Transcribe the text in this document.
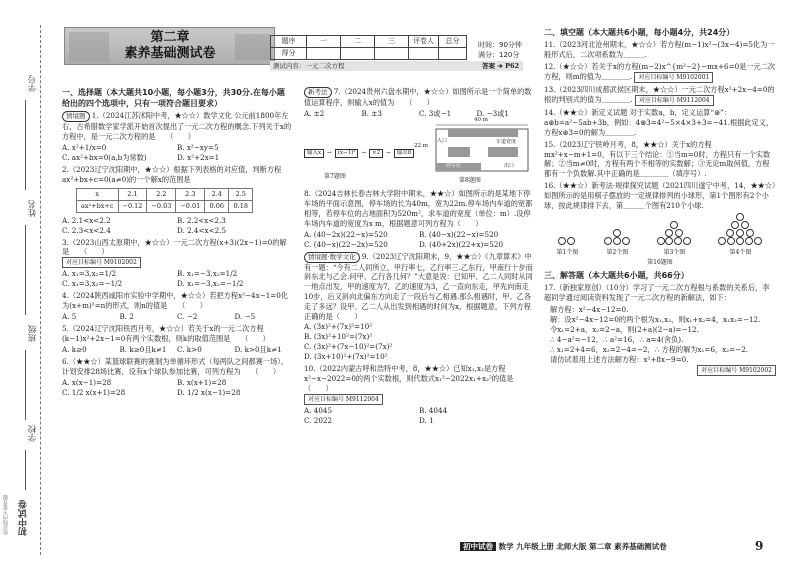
学号
姓名
班级
学校
密封线内不要答题 初中试卷
第二章
素养基础测试卷
题序	一	二	三	评卷人	总分
得分					
时间：90分钟
满分：120分
测试内容：一元二次方程	答案 ➔ P62
一、选择题（本大题共10小题，每小题3分，共30分.在每小题给出的四个选项中，只有一项符合题目要求）
情境题 1.（2024江苏沭阳中考，★☆☆）数学文化 公元前1800年左右，古希腊数学家学派开始首次提出了一元二次方程的概念.下列关于x的方程中，是一元二次方程的是　　（　　）
A. x²+1/x=0	B. x²−xy=5
C. ax²+bx=0(a,b为常数)	D. x²+2x=1
2.（2023辽宁沈阳期中，★☆☆）根据下列表格的对应值，判断方程ax²+bx+c=0(a≠0)的一个解x的范围是
x	2.1	2.2	2.3	2.4	2.5
ax²+bx+c	−0.12	−0.03	−0.01	0.06	0.18
A. 2.1<x<2.2	B. 2.2<x<2.3
C. 2.3<x<2.4	D. 2.4<x<2.5
3.（2023山西太原期中，★☆☆）一元二次方程(x+3)(2x−1)=0的解是　　（　　）
对应目标编号 M9102002
A. x₁=3,x₂=1/2	B. x₁=−3,x₂=1/2
C. x₁=3,x₂=−1/2	D. x₁=−3,x₂=−1/2
4.（2024陕西咸阳市实验中学期中，★☆☆）若把方程x²−4x−1=0化为(x+m)²=n的形式，则n的值是　　（　　）
A. 5	B. 2	C. −2	D. −5
5.（2024辽宁沈阳铁西月考，★☆☆）若关于x的一元二次方程(k−1)x²+2x−1=0有两个实数根，则k的取值范围是　　（　　）
A. k≥0	B. k≥0且k≠1	C. k>0	D. k>0且k≠1
6.（★★☆）某篮球联赛的赛制为单循环形式（每两队之间都赛一场），计划安排28场比赛，设有x个球队参加比赛，可列方程为　　（　　）
A. x(x−1)=28	B. x(x+1)=28
C. 1/2 x(x+1)=28	D. 1/2 x(x−1)=28
新考法 7.（2024贵州六盘水期中，★☆☆）如图所示是一个简单的数值运算程序，则输入x的值为　　（　　）
A. ±2	B. ±3	C. 3或−1	D. −3或1
输入x	→	(x−1)²	→	×2	→	输出8
第7题图
40 m
22 m
车道宽度
停车位
入口
出口
第8题图
8.（2024吉林长春吉林大学附中期末，★★☆）如图所示的是某地下停车场的平面示意图，停车场的长为40m，宽为22m.停车场内车道的宽都相等，若停车位的占地面积为520m²，求车道的宽度（单位：m）.设停车场内车道的宽度为x m，根据题意可列方程为（　　）
A. (40−2x)(22−x)=520	B. (40−x)(22−x)=520
C. (40−x)(22−2x)=520	D. (40+2x)(22+x)=520
情境题·数学文化 9.（2023辽宁沈阳期末，9，★★☆）《九章算术》中有一题：“今有二人同所立，甲行率七，乙行率三.乙东行，甲南行十步而斜东北与乙会.问甲、乙行各几何？”大意是说：已知甲、乙二人同时从同一地点出发，甲的速度为7，乙的速度为3，乙一直向东走，甲先向南走10步，后又斜向北偏东方向走了一段后与乙相遇.那么相遇时，甲、乙各走了多远？设甲、乙二人从出发到相遇的时间为x，根据题意，下列方程正确的是（　　）
A. (3x)²+(7x)²=10²
B. (3x)²+10²=(7x)²
C. (3x)²+(7x−10)²=(7x)²
D. (3x+10)²+(7x)²=10²
10.（2022内蒙古呼和浩特中考，8，★★☆）已知x₁,x₂是方程x²−x−2022=0的两个实数根，则代数式x₁³−2022x₁+x₂²的值是（　　）
对应目标编号 M9112004
A. 4045	B. 4044
C. 2022	D. 1
二、填空题（本大题共6小题，每小题4分，共24分）
11.（2023河北沧州期末，★☆☆）若方程(m−1)x²−(3x−4)=5化为一般形式后，二次项系数为＿＿＿.
12.（★☆☆）若关于x的方程(m−2)x^{m²−2}−mx+6=0是一元二次方程，则m的值为＿＿＿＿. 对应目标编号 M9102001
13.（2023四川成都武侯区期末，★☆☆）一元二次方程x²+2x−4=0的根的判别式的值为＿＿＿＿. 对应目标编号 M9112004
14.（★★☆）新定义试题 对于实数a，b，定义运算“⊛”：a⊛b=a²−5ab+3b，例如：4⊛3=4²−5×4×3+3=−41.根据此定义，方程x⊛3=0的解为＿＿＿＿.
15.（2023辽宁铁岭月考，8，★★☆）关于x的方程mx²+x−m+1=0，有以下三个结论：①当m=0时，方程只有一个实数解；②当m≠0时，方程有两个不相等的实数解；③无论m取何值，方程都有一个负数解.其中正确的是＿＿＿＿（填序号）.
16.（★★☆）新考法·规律探究试题（2021四川遂宁中考，14，★★☆）如图所示的是用棋子摆放的一定规律排列的小球形，第1个图形有2个小球，按此规律排下去，第＿＿＿个图有210个小球.
第1个图	第2个图	第3个图	第4个图
第16题图
三、解答题（本大题共6小题，共66分）
17.（新独家原创）（10分）学习了一元二次方程根与系数的关系后，李超同学通过阅读资料发现了一元二次方程的新解法，如下：
解方程：x²−4x−12=0.
解：设x²−4x−12=0的两个根为x₁,x₂，则x₁+x₂=4，x₁x₂=−12.
令x₁=2+a，x₂=2−a，则(2+a)(2−a)=−12.
∴ 4−a²=−12，∴ a²=16，∴ a=4(舍负).
∴ x₁=2+4=6，x₂=2−4=−2，∴ 方程的解为x₁=6，x₂=−2.
请仿试着用上述方法解方程：x²+8x−9=0.
对应目标编号 M9102002
初中试卷 数学 九年级上册 北师大版 第二章 素养基础测试卷	9
